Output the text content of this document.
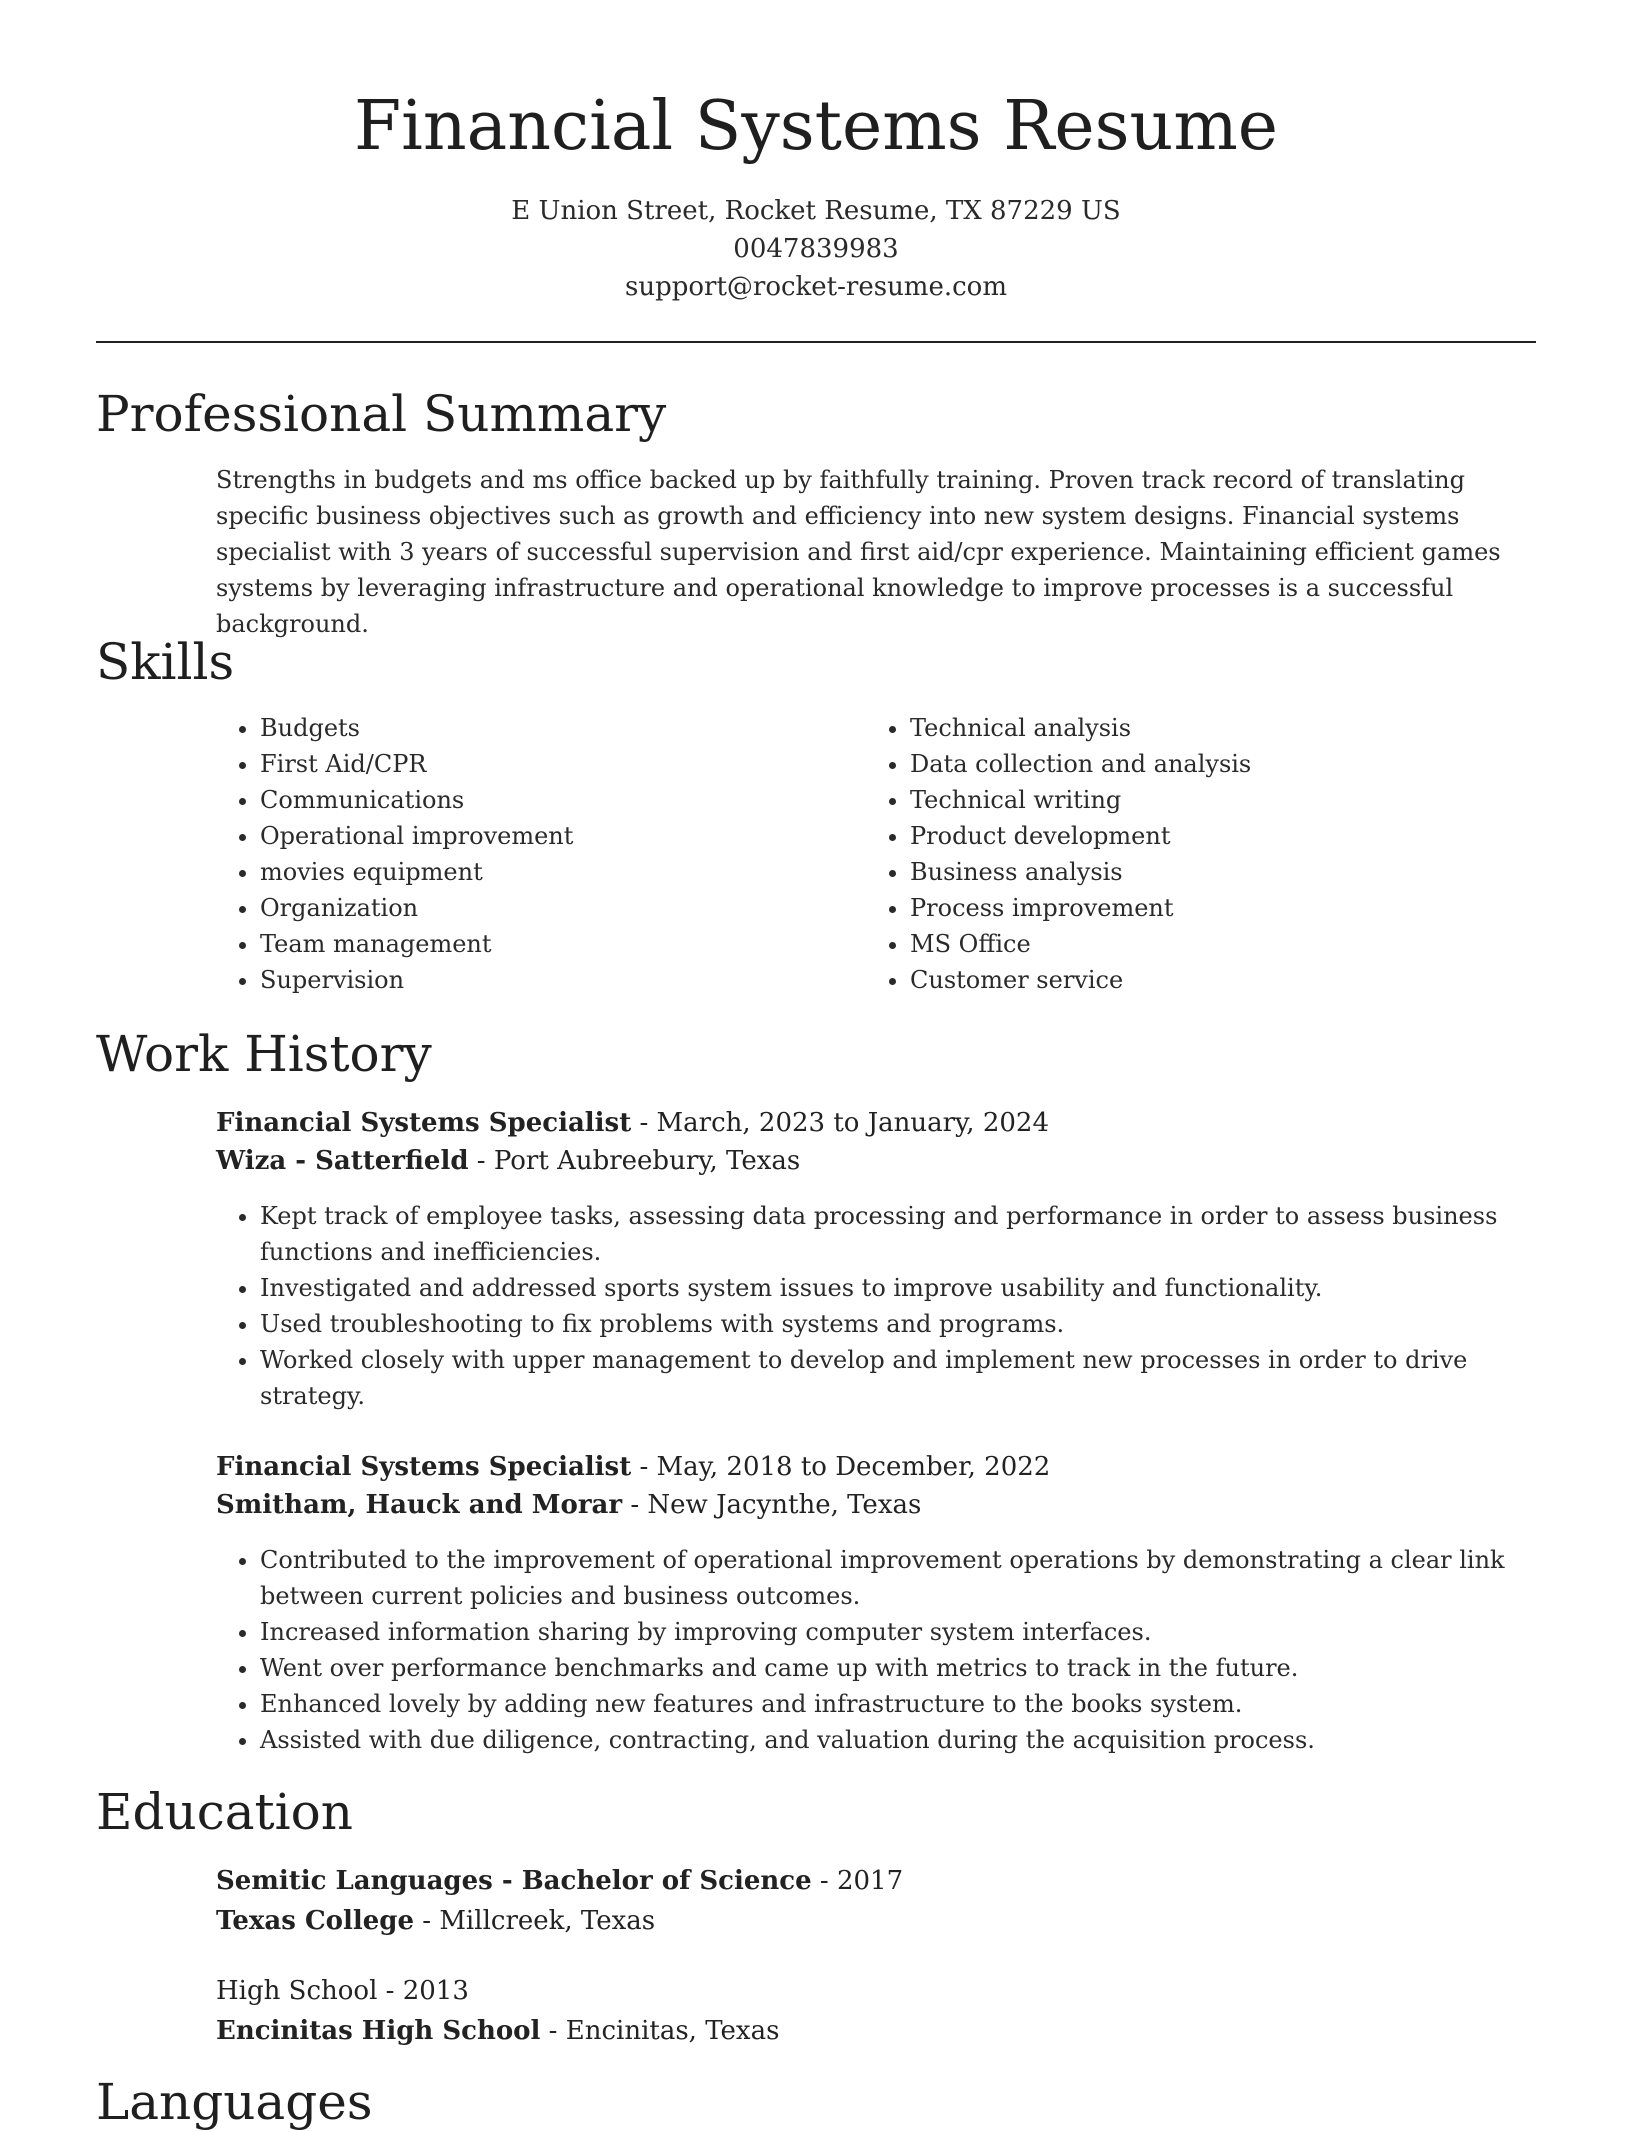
Financial Systems Resume
E Union Street, Rocket Resume, TX 87229 US
0047839983
support@rocket-resume.com
Professional Summary

Strengths in budgets and ms office backed up by faithfully training. Proven track record of translating specific business objectives such as growth and efficiency into new system designs. Financial systems specialist with 3 years of successful supervision and first aid/cpr experience. Maintaining efficient games systems by leveraging infrastructure and operational knowledge to improve processes is a successful background.

Skills
• Budgets
• First Aid/CPR
• Communications
• Operational improvement
• movies equipment
• Organization
• Team management
• Supervision
• Technical analysis
• Data collection and analysis
• Technical writing
• Product development
• Business analysis
• Process improvement
• MS Office
• Customer service
Work History
Financial Systems Specialist - March, 2023 to January, 2024
Wiza - Satterfield - Port Aubreebury, Texas
• Kept track of employee tasks, assessing data processing and performance in order to assess business functions and inefficiencies.
• Investigated and addressed sports system issues to improve usability and functionality.
• Used troubleshooting to fix problems with systems and programs.
• Worked closely with upper management to develop and implement new processes in order to drive strategy.
Financial Systems Specialist - May, 2018 to December, 2022
Smitham, Hauck and Morar - New Jacynthe, Texas
• Contributed to the improvement of operational improvement operations by demonstrating a clear link between current policies and business outcomes.
• Increased information sharing by improving computer system interfaces.
• Went over performance benchmarks and came up with metrics to track in the future.
• Enhanced lovely by adding new features and infrastructure to the books system.
• Assisted with due diligence, contracting, and valuation during the acquisition process.
Education
Semitic Languages - Bachelor of Science - 2017
Texas College - Millcreek, Texas
High School - 2013
Encinitas High School - Encinitas, Texas
Languages
